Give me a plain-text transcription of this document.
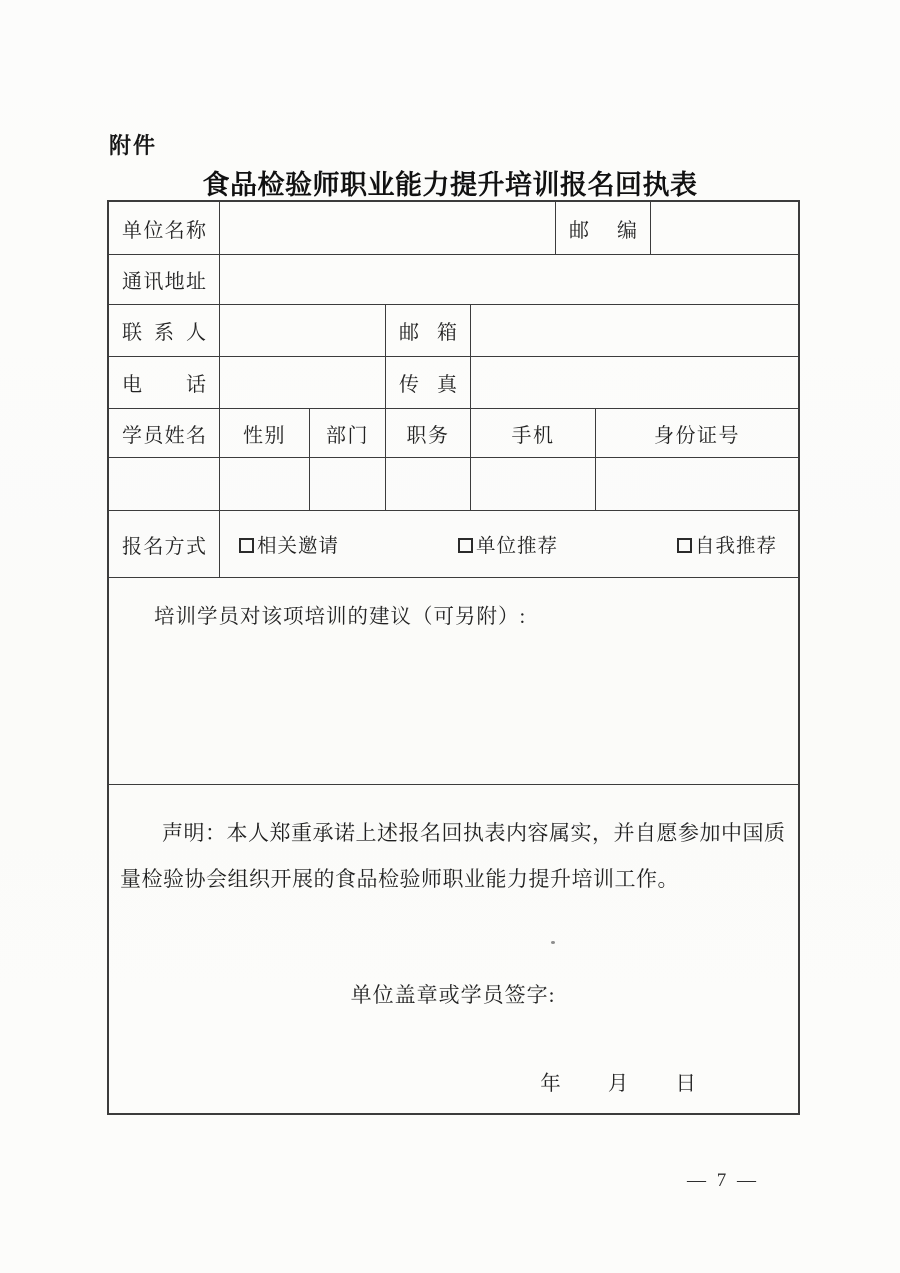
附件
食品检验师职业能力提升培训报名回执表
单位名称	邮 编
通讯地址
联 系 人	邮 箱
电 话	传 真
学员姓名 性别 部门 职务	手机	身份证号
报名方式	相关邀请	单位推荐	自我推荐
培训学员对该项培训的建议（可另附）:

声明：本人郑重承诺上述报名回执表内容属实，并自愿参加中国质量检验协会组织开展的食品检验师职业能力提升培训工作。

单位盖章或学员签字:
年 月 日
— 7 —
